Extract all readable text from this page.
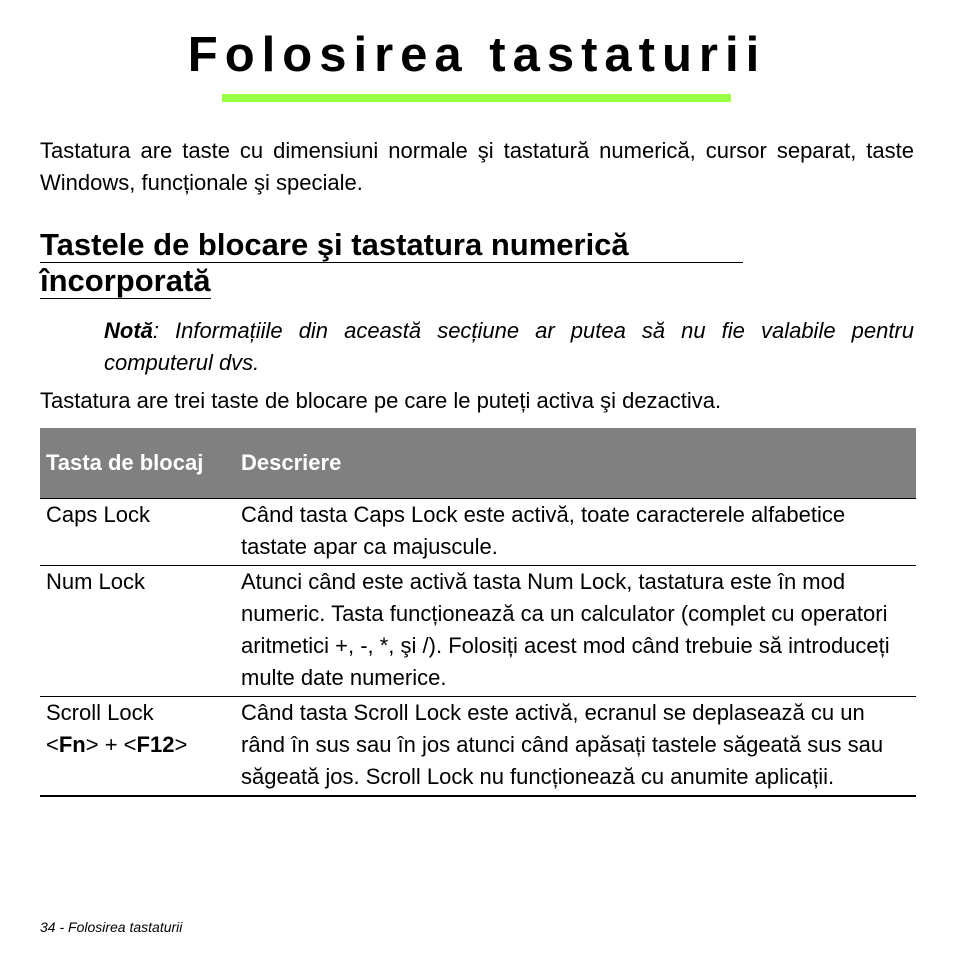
Folosirea tastaturii

Tastatura are taste cu dimensiuni normale şi tastatură numerică, cursor separat, taste Windows, funcționale şi speciale.

Tastele de blocare şi tastatura numerică
încorporată

Notă: Informațiile din această secțiune ar putea să nu fie valabile pentru computerul dvs.

Tastatura are trei taste de blocare pe care le puteți activa şi dezactiva.

Tasta de blocaj	Descriere
Caps Lock	Când tasta Caps Lock este activă, toate caracterele alfabetice tastate apar ca majuscule.
Num Lock	Atunci când este activă tasta Num Lock, tastatura este în mod numeric. Tasta funcționează ca un calculator (complet cu operatori aritmetici +, -, *, şi /). Folosiți acest mod când trebuie să introduceți multe date numerice.
Scroll Lock
<Fn> + <F12>	Când tasta Scroll Lock este activă, ecranul se deplasează cu un rând în sus sau în jos atunci când apăsați tastele săgeată sus sau săgeată jos. Scroll Lock nu funcționează cu anumite aplicații.

34 - Folosirea tastaturii
